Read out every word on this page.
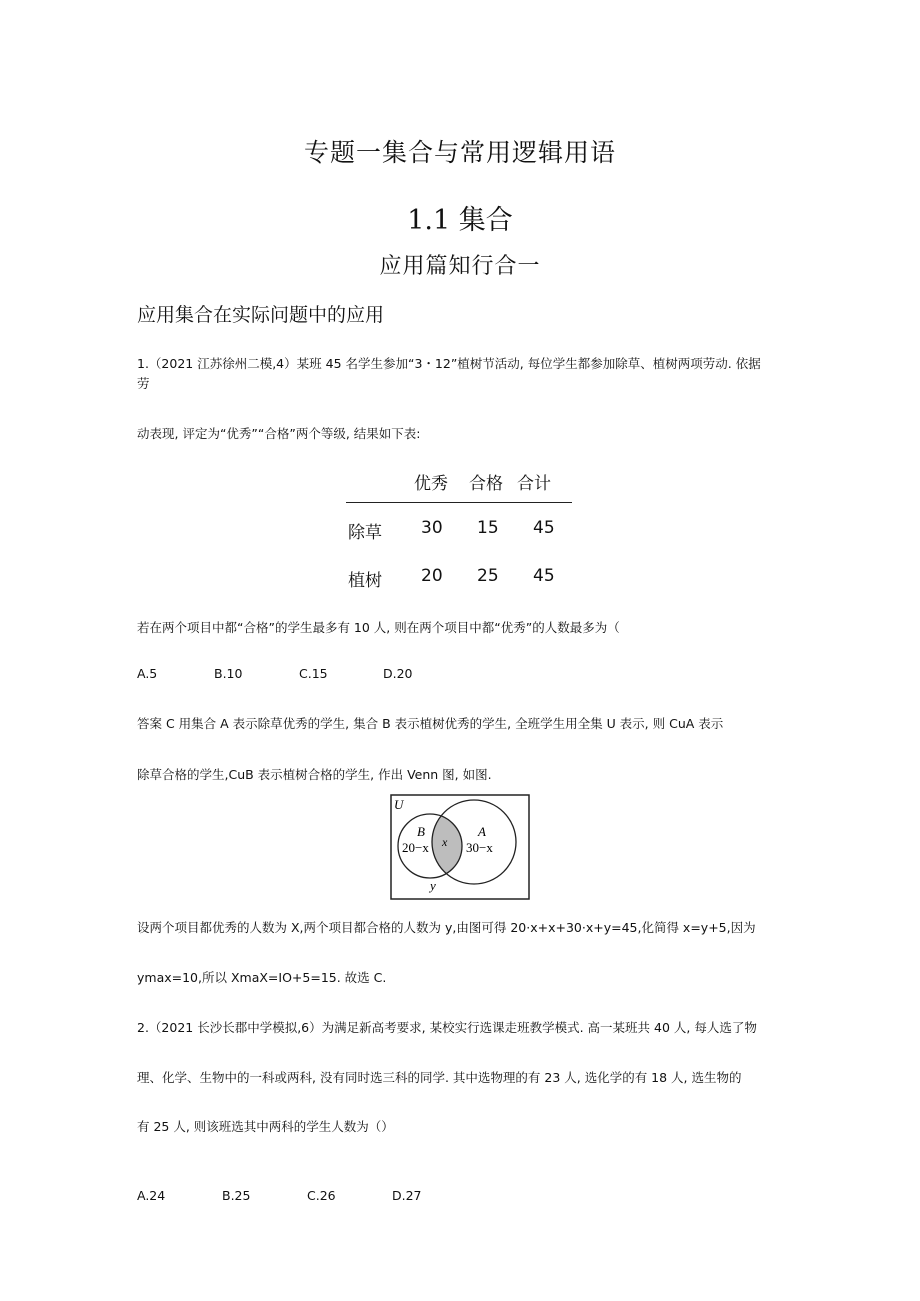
专题一集合与常用逻辑用语
1.1 集合
应用篇知行合一
应用集合在实际问题中的应用
1.（2021 江苏徐州二模,4）某班 45 名学生参加“3・12”植树节活动, 每位学生都参加除草、植树两项劳动. 依据
劳
动表现, 评定为“优秀”“合格”两个等级, 结果如下表:
优秀 合格 合计
除草 30 15 45
植树 20 25 45
若在两个项目中都“合格”的学生最多有 10 人, 则在两个项目中都“优秀”的人数最多为（
A.5	B.10	C.15	D.20
答案 C 用集合 A 表示除草优秀的学生, 集合 B 表示植树优秀的学生, 全班学生用全集 U 表示, 则 CuA 表示
除草合格的学生,CuB 表示植树合格的学生, 作出 Venn 图, 如图.
U
B
20−x x
A
30−x
y
设两个项目都优秀的人数为 X,两个项目都合格的人数为 y,由图可得 20·x+x+30·x+y=45,化简得 x=y+5,因为
ymax=10,所以 XmaX=IO+5=15. 故选 C.
2.（2021 长沙长郡中学模拟,6）为满足新高考要求, 某校实行选课走班教学模式. 高一某班共 40 人, 每人选了物
理、化学、生物中的一科或两科, 没有同时选三科的同学. 其中选物理的有 23 人, 选化学的有 18 人, 选生物的
有 25 人, 则该班选其中两科的学生人数为（）
A.24	B.25	C.26	D.27
